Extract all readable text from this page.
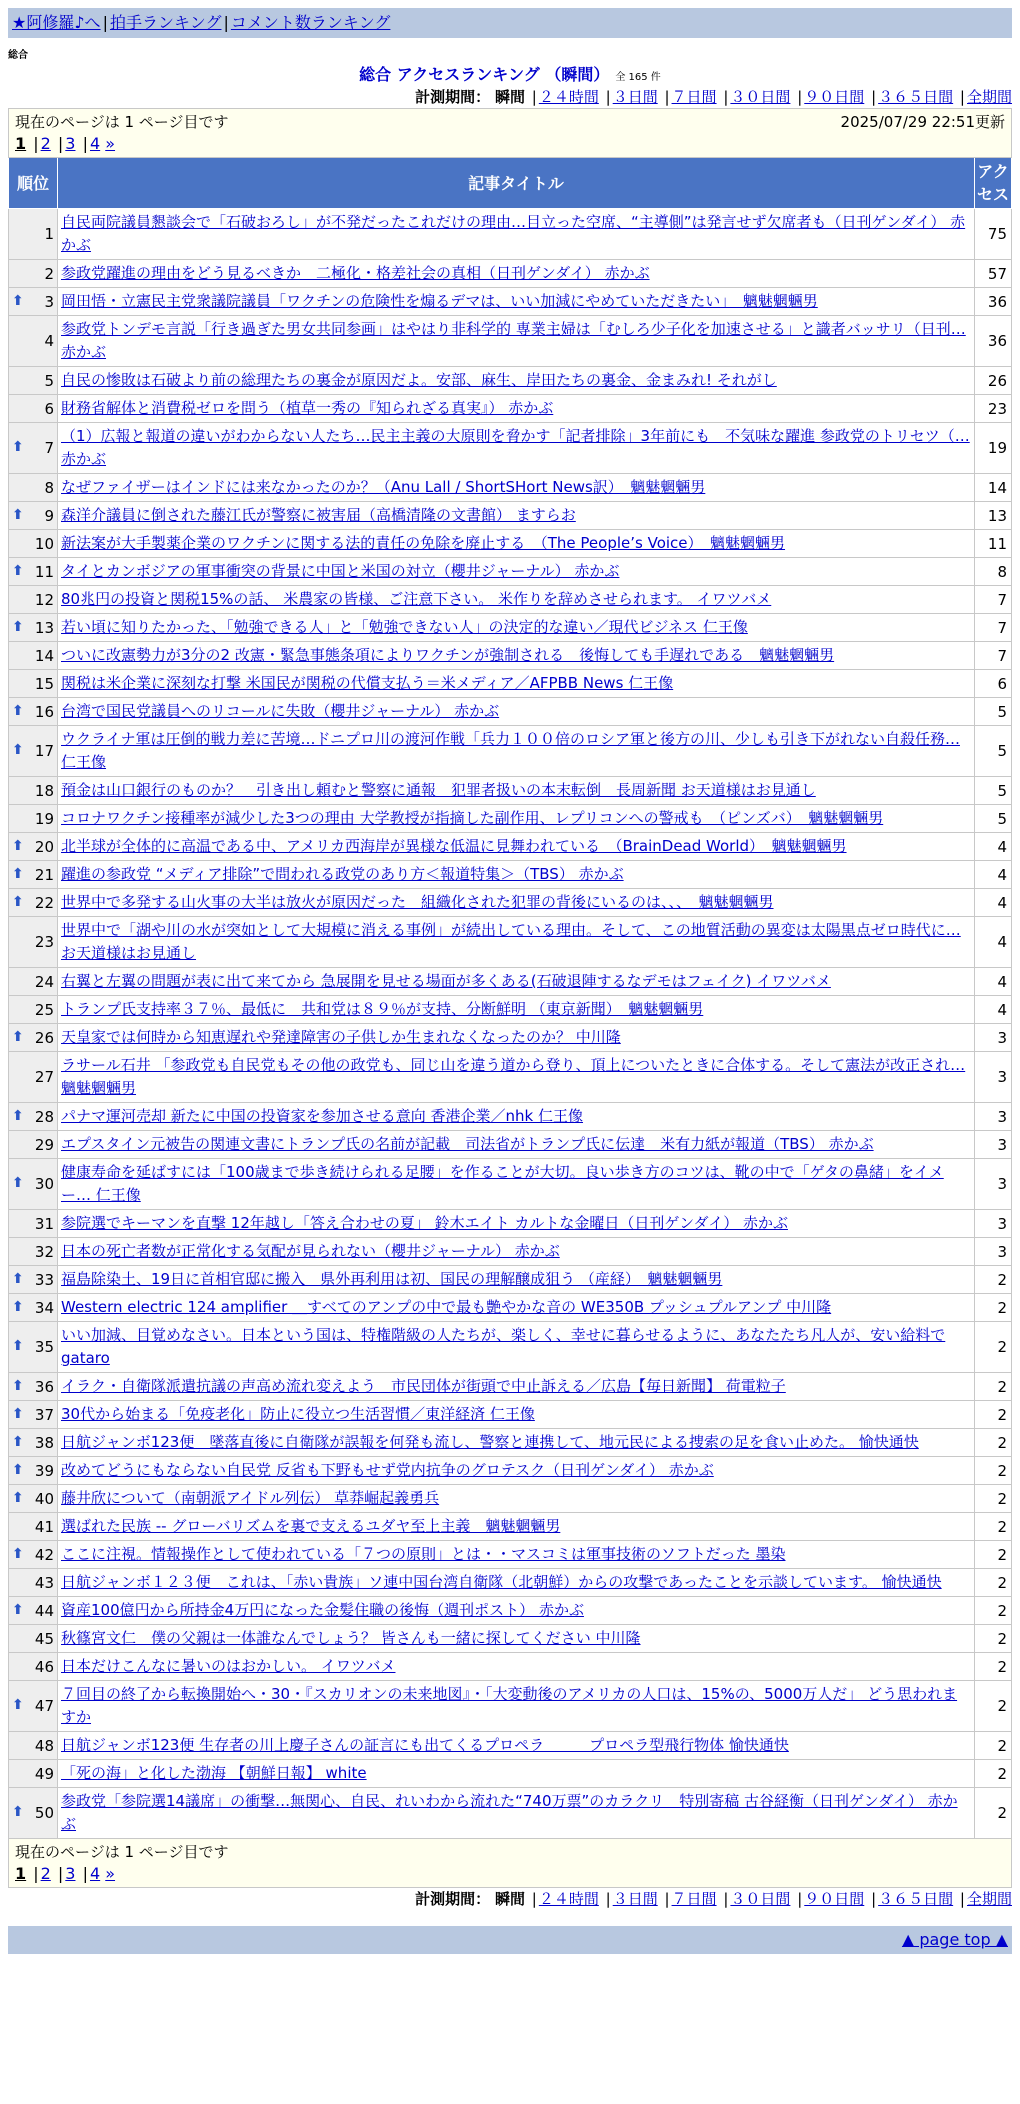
★阿修羅♪へ | 拍手ランキング | コメント数ランキング
総合
総合 アクセスランキング （瞬間） 全 165 件
計測期間： 瞬間 | ２４時間 | ３日間 | ７日間 | ３０日間 | ９０日間 | ３６５日間 | 全期間
現在のページは 1 ページ目です 2025/07/29 22:51更新
1 | 2 | 3 | 4 »		

順位	記事タイトル	アクセス
1	自民両院議員懇談会で「石破おろし」が不発だったこれだけの理由…目立った空席、“主導側”は発言せず欠席者も（日刊ゲンダイ） 赤かぶ	75
2	参政党躍進の理由をどう見るべきか　二極化・格差社会の真相（日刊ゲンダイ） 赤かぶ	57

⬆ 3	岡田悟・立憲民主党衆議院議員「ワクチンの危険性を煽るデマは、いい加減にやめていただきたい」　魑魅魍魎男	36
4	参政党トンデモ言説「行き過ぎた男女共同参画」はやはり非科学的 専業主婦は「むしろ少子化を加速させる」と識者バッサリ（日刊… 赤かぶ	36
5	自民の惨敗は石破より前の総理たちの裏金が原因だよ。安部、麻生、岸田たちの裏金、金まみれ! それがし	26
6	財務省解体と消費税ゼロを問う（植草一秀の『知られざる真実』） 赤かぶ	23

⬆ 7	（1）広報と報道の違いがわからない人たち…民主主義の大原則を脅かす「記者排除」3年前にも　不気味な躍進 参政党のトリセツ（… 赤かぶ	19
8	なぜファイザーはインドには来なかったのか？（Anu Lall / ShortSHort News訳）　魑魅魍魎男	14

⬆ 9	森洋介議員に倒された藤江氏が警察に被害届（高橋清隆の文書館） ますらお	13
10	新法案が大手製薬企業のワクチンに関する法的責任の免除を廃止する　（The People’s Voice）　魑魅魍魎男	11

⬆ 11	タイとカンボジアの軍事衝突の背景に中国と米国の対立（櫻井ジャーナル） 赤かぶ	8
12	80兆円の投資と関税15%の話、 米農家の皆様、ご注意下さい。 米作りを辞めさせられます。 イワツバメ	7

⬆ 13	若い頃に知りたかった、「勉強できる人」と「勉強できない人」の決定的な違い／現代ビジネス 仁王像	7
14	ついに改憲勢力が3分の2 改憲・緊急事態条項によりワクチンが強制される　後悔しても手遅れである　魑魅魍魎男	7
15	関税は米企業に深刻な打撃 米国民が関税の代償支払う＝米メディア／AFPBB News 仁王像	6

⬆ 16	台湾で国民党議員へのリコールに失敗（櫻井ジャーナル） 赤かぶ	5

⬆ 17	ウクライナ軍は圧倒的戦力差に苦境…ドニプロ川の渡河作戦「兵力１００倍のロシア軍と後方の川、少しも引き下がれない自殺任務… 仁王像	5
18	預金は山口銀行のものか？　引き出し頼むと警察に通報　犯罪者扱いの本末転倒　長周新聞 お天道様はお見通し	5
19	コロナワクチン接種率が減少した3つの理由 大学教授が指摘した副作用、レプリコンへの警戒も　（ピンズバ）　魑魅魍魎男	5

⬆ 20	北半球が全体的に高温である中、アメリカ西海岸が異様な低温に見舞われている　（BrainDead World）　魑魅魍魎男	4

⬆ 21	躍進の参政党 “メディア排除”で問われる政党のあり方＜報道特集＞（TBS） 赤かぶ	4

⬆ 22	世界中で多発する山火事の大半は放火が原因だった　組織化された犯罪の背後にいるのは、、、　魑魅魍魎男	4
23	世界中で「湖や川の水が突如として大規模に消える事例」が続出している理由。そして、この地質活動の異変は太陽黒点ゼロ時代に… お天道様はお見通し	4
24	右翼と左翼の問題が表に出て来てから 急展開を見せる場面が多くある(石破退陣するなデモはフェイク) イワツバメ	4
25	トランプ氏支持率３７％、最低に　共和党は８９％が支持、分断鮮明 （東京新聞）　魑魅魍魎男	4

⬆ 26	天皇家では何時から知恵遅れや発達障害の子供しか生まれなくなったのか？ 中川隆	3
27	ラサール石井 「参政党も自民党もその他の政党も、同じ山を違う道から登り、頂上についたときに合体する。そして憲法が改正され… 魑魅魍魎男	3

⬆ 28	パナマ運河売却 新たに中国の投資家を参加させる意向 香港企業／nhk 仁王像	3
29	エプスタイン元被告の関連文書にトランプ氏の名前が記載　司法省がトランプ氏に伝達　米有力紙が報道（TBS） 赤かぶ	3

⬆ 30	健康寿命を延ばすには「100歳まで歩き続けられる足腰」を作ることが大切。良い歩き方のコツは、靴の中で「ゲタの鼻緒」をイメー… 仁王像	3
31	参院選でキーマンを直撃 12年越し「答え合わせの夏」 鈴木エイト カルトな金曜日（日刊ゲンダイ） 赤かぶ	3
32	日本の死亡者数が正常化する気配が見られない（櫻井ジャーナル） 赤かぶ	3

⬆ 33	福島除染土、19日に首相官邸に搬入　県外再利用は初、国民の理解醸成狙う （産経）　魑魅魍魎男	2

⬆ 34	Western electric 124 amplifier ＿すべてのアンプの中で最も艶やかな音の WE350B プッシュプルアンプ 中川隆	2

⬆ 35	いい加減、目覚めなさい。日本という国は、特権階級の人たちが、楽しく、幸せに暮らせるように、あなたたち凡人が、安い給料で gataro	2

⬆ 36	イラク・自衛隊派遣抗議の声高め流れ変えよう　市民団体が街頭で中止訴える／広島【毎日新聞】 荷電粒子	2

⬆ 37	30代から始まる「免疫老化」防止に役立つ生活習慣／東洋経済 仁王像	2

⬆ 38	日航ジャンボ123便　墜落直後に自衛隊が誤報を何発も流し、警察と連携して、地元民による捜索の足を食い止めた。 愉快通快	2

⬆ 39	改めてどうにもならない自民党 反省も下野もせず党内抗争のグロテスク（日刊ゲンダイ） 赤かぶ	2

⬆ 40	藤井欣について（南朝派アイドル列伝） 草莽崛起義勇兵	2
41	選ばれた民族 -- グローバリズムを裏で支えるユダヤ至上主義　魑魅魍魎男	2

⬆ 42	ここに注視。情報操作として使われている「７つの原則」とは・・マスコミは軍事技術のソフトだった 墨染	2
43	日航ジャンボ１２３便　これは、「赤い貴族」ソ連中国台湾自衛隊（北朝鮮）からの攻撃であったことを示談しています。 愉快通快	2

⬆ 44	資産100億円から所持金4万円になった金髪住職の後悔（週刊ポスト） 赤かぶ	2
45	秋篠宮文仁　僕の父親は一体誰なんでしょう？ 皆さんも一緒に探してください 中川隆	2
46	日本だけこんなに暑いのはおかしい。 イワツバメ	2

⬆ 47	７回目の終了から転換開始へ・30・『スカリオンの未来地図』・「大変動後のアメリカの人口は、15%の、5000万人だ」 どう思われますか	2
48	日航ジャンボ123便 生存者の川上慶子さんの証言にも出てくるプロペラ　　　プロペラ型飛行物体 愉快通快	2
49	「死の海」と化した渤海 【朝鮮日報】 white	2

⬆ 50	参政党「参院選14議席」の衝撃…無関心、自民、れいわから流れた“740万票”のカラクリ　特別寄稿 古谷経衡（日刊ゲンダイ） 赤かぶ	2

現在のページは 1 ページ目です
1 | 2 | 3 | 4 »		
計測期間： 瞬間 | ２４時間 | ３日間 | ７日間 | ３０日間 | ９０日間 | ３６５日間 | 全期間
▲ page top ▲
